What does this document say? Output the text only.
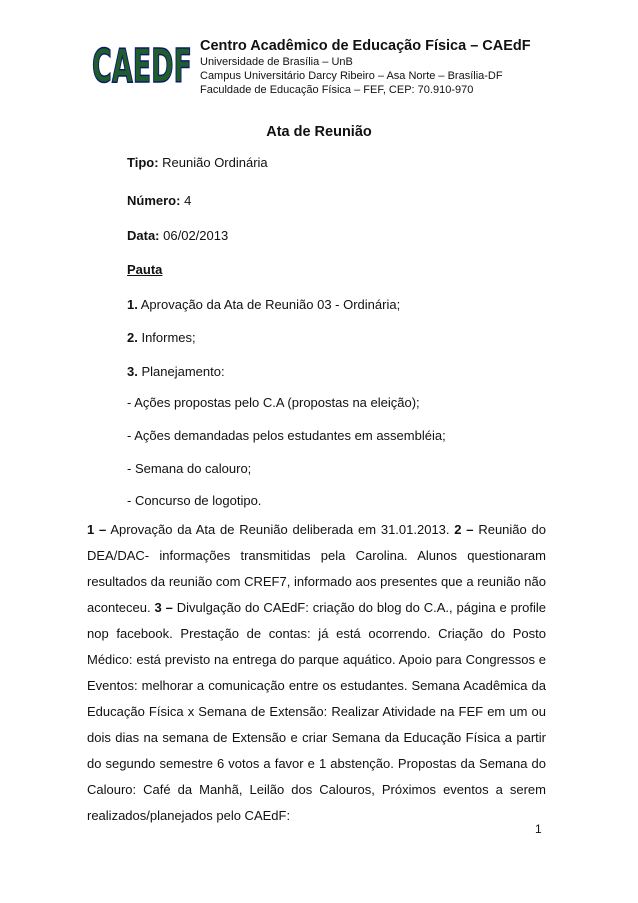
CAEDF Centro Acadêmico de Educação Física – CAEdF

Universidade de Brasília – UnB

Campus Universitário Darcy Ribeiro – Asa Norte – Brasília-DF

Faculdade de Educação Física – FEF, CEP: 70.910-970

Ata de Reunião
Tipo: Reunião Ordinária
Número: 4
Data: 06/02/2013
Pauta
1. Aprovação da Ata de Reunião 03 - Ordinária;
2. Informes;
3. Planejamento:
- Ações propostas pelo C.A (propostas na eleição);
- Ações demandadas pelos estudantes em assembléia;
- Semana do calouro;
- Concurso de logotipo.

1 – Aprovação da Ata de Reunião deliberada em 31.01.2013. 2 – Reunião do DEA/DAC- informações transmitidas pela Carolina. Alunos questionaram resultados da reunião com CREF7, informado aos presentes que a reunião não aconteceu. 3 – Divulgação do CAEdF: criação do blog do C.A., página e profile nop facebook. Prestação de contas: já está ocorrendo. Criação do Posto Médico: está previsto na entrega do parque aquático. Apoio para Congressos e Eventos: melhorar a comunicação entre os estudantes. Semana Acadêmica da Educação Física x Semana de Extensão: Realizar Atividade na FEF em um ou dois dias na semana de Extensão e criar Semana da Educação Física a partir do segundo semestre 6 votos a favor e 1 abstenção. Propostas da Semana do Calouro: Café da Manhã, Leilão dos Calouros, Próximos eventos a serem realizados/planejados pelo CAEdF:

1
